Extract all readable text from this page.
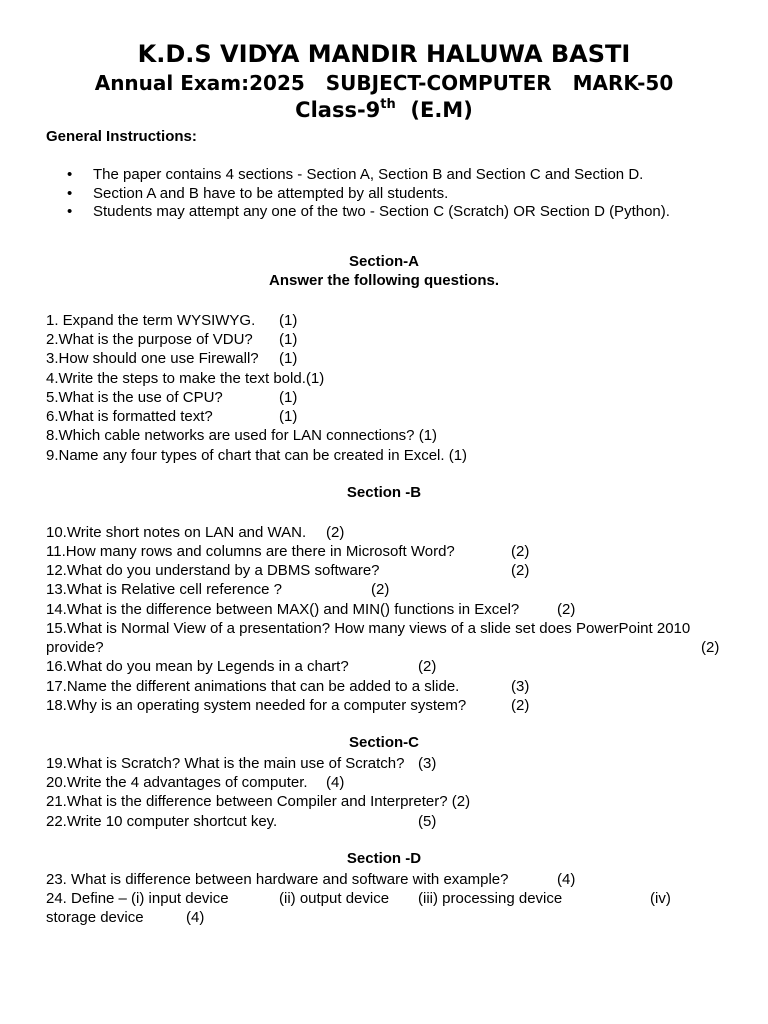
K.D.S VIDYA MANDIR HALUWA BASTI
Annual Exam:2025 SUBJECT-COMPUTER MARK-50
Class-9th (E.M)
General Instructions:
• The paper contains 4 sections - Section A, Section B and Section C and Section D.
• Section A and B have to be attempted by all students.
• Students may attempt any one of the two - Section C (Scratch) OR Section D (Python).
Section-A
Answer the following questions.
1. Expand the term WYSIWYG. (1)
2.What is the purpose of VDU? (1)
3.How should one use Firewall? (1)
4.Write the steps to make the text bold.(1)
5.What is the use of CPU?	(1)
6.What is formatted text?	(1)
8.Which cable networks are used for LAN connections? (1)
9.Name any four types of chart that can be created in Excel. (1)
Section -B
10.Write short notes on LAN and WAN. (2)
11.How many rows and columns are there in Microsoft Word?	(2)
12.What do you understand by a DBMS software?	(2)
13.What is Relative cell reference ?	(2)
14.What is the difference between MAX() and MIN() functions in Excel?	(2)
15.What is Normal View of a presentation? How many views of a slide set does PowerPoint 2010
provide?	(2)
16.What do you mean by Legends in a chart?	(2)
17.Name the different animations that can be added to a slide.	(3)
18.Why is an operating system needed for a computer system?	(2)
Section-C
19.What is Scratch? What is the main use of Scratch? (3)
20.Write the 4 advantages of computer. (4)
21.What is the difference between Compiler and Interpreter? (2)
22.Write 10 computer shortcut key.	(5)
Section -D
23. What is difference between hardware and software with example?	(4)
24. Define – (i) input device	(ii) output device (iii) processing device	(iv)
storage device	(4)
